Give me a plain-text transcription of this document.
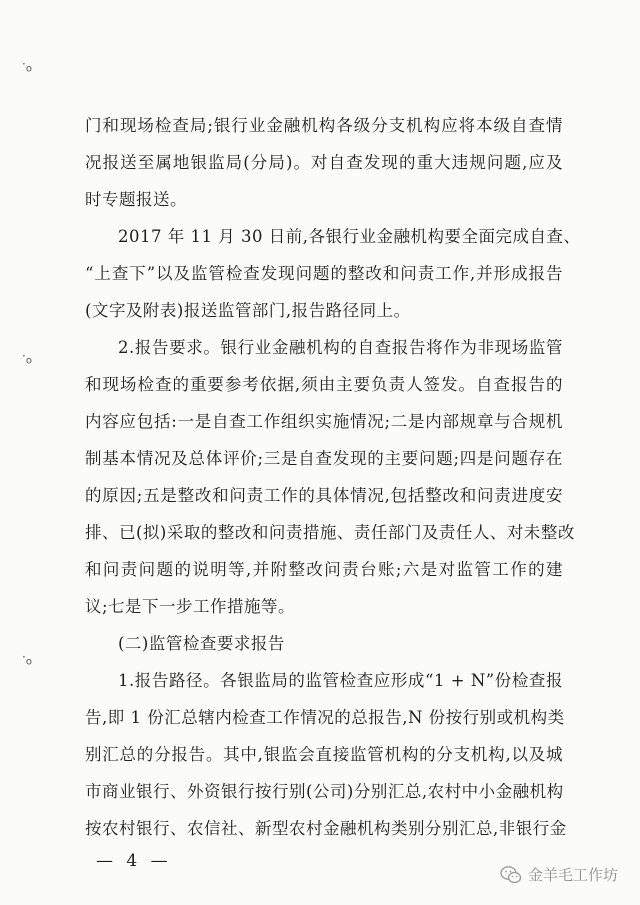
$\cdot_o$
$\cdot_o$
$\cdot_o$
门和现场检查局;银行业金融机构各级分支机构应将本级自查情
况报送至属地银监局(分局)。对自查发现的重大违规问题,应及
时专题报送。
2017 年 11 月 30 日前,各银行业金融机构要全面完成自查、
“上查下”以及监管检查发现问题的整改和问责工作,并形成报告
(文字及附表)报送监管部门,报告路径同上。
2.报告要求。银行业金融机构的自查报告将作为非现场监管
和现场检查的重要参考依据,须由主要负责人签发。自查报告的
内容应包括:一是自查工作组织实施情况;二是内部规章与合规机
制基本情况及总体评价;三是自查发现的主要问题;四是问题存在
的原因;五是整改和问责工作的具体情况,包括整改和问责进度安
排、已(拟)采取的整改和问责措施、责任部门及责任人、对未整改
和问责问题的说明等,并附整改问责台账;六是对监管工作的建
议;七是下一步工作措施等。
(二)监管检查要求报告
1.报告路径。各银监局的监管检查应形成“1 + N”份检查报
告,即 1 份汇总辖内检查工作情况的总报告,N 份按行别或机构类
别汇总的分报告。其中,银监会直接监管机构的分支机构,以及城
市商业银行、外资银行按行别(公司)分别汇总,农村中小金融机构
按农村银行、农信社、新型农村金融机构类别分别汇总,非银行金
— 4 —
金羊毛工作坊
